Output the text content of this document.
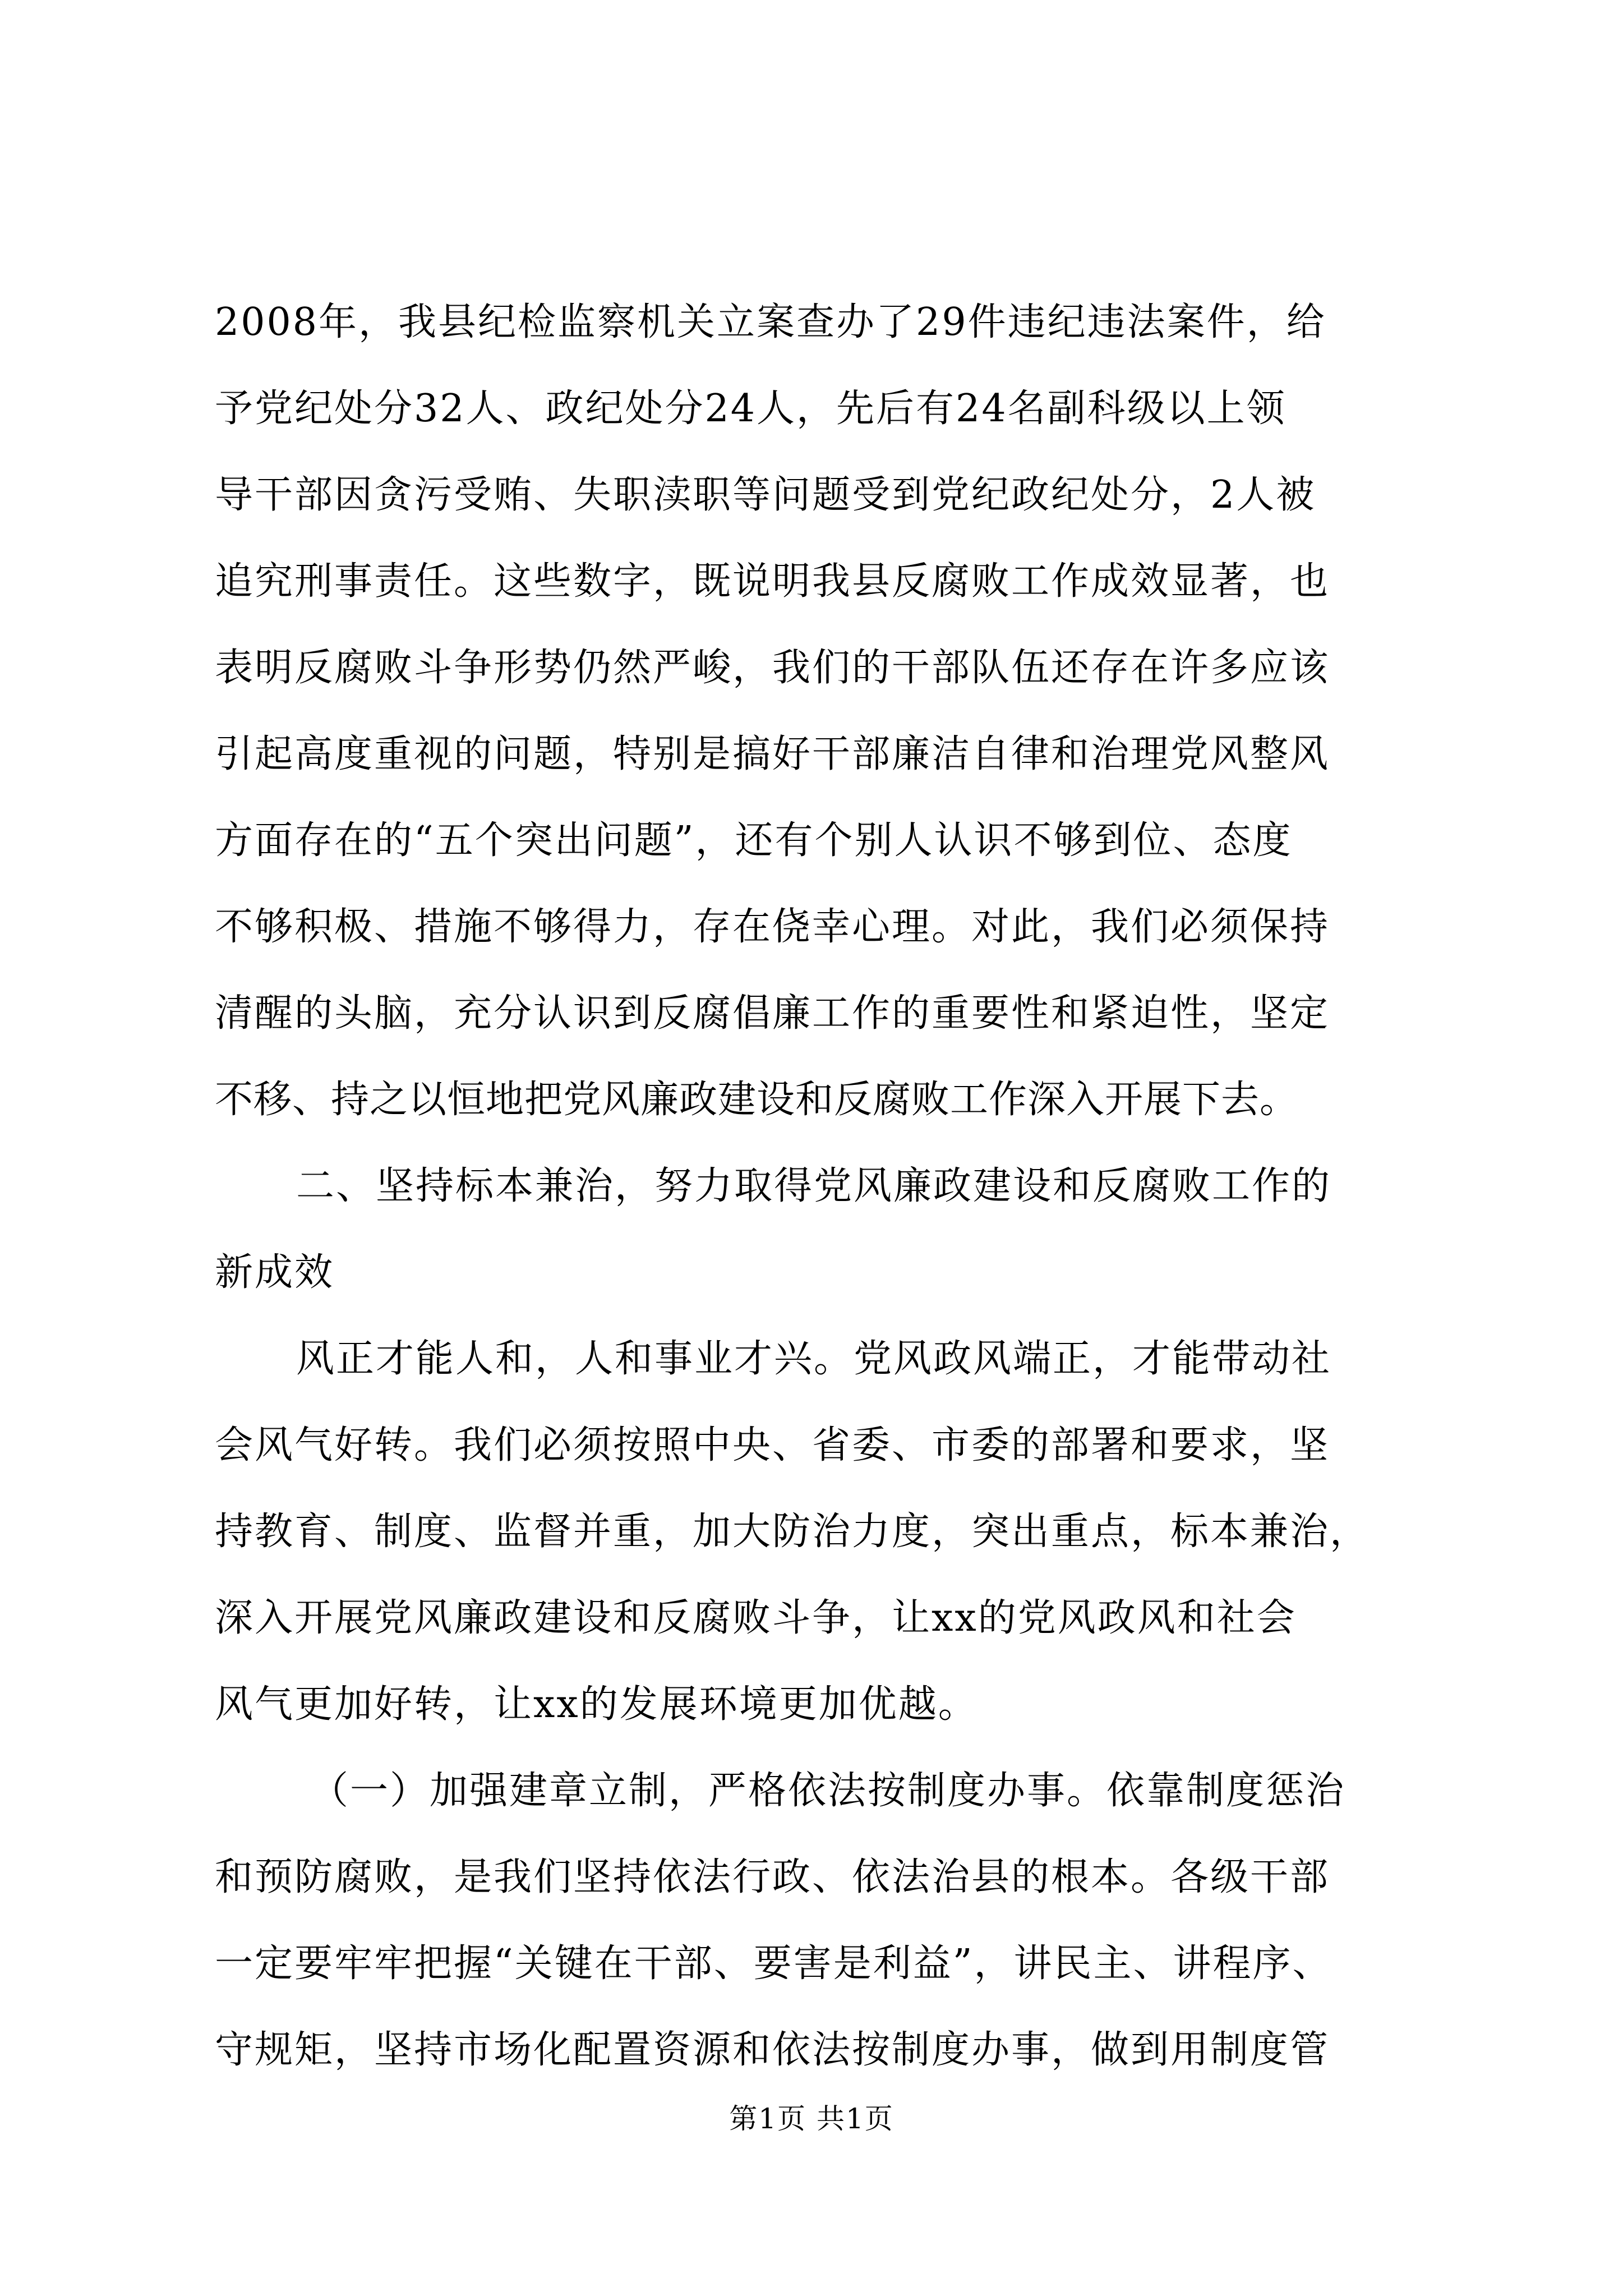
2008年，我县纪检监察机关立案查办了29件违纪违法案件，给
予党纪处分32人、政纪处分24人，先后有24名副科级以上领
导干部因贪污受贿、失职渎职等问题受到党纪政纪处分，2人被
追究刑事责任。这些数字，既说明我县反腐败工作成效显著，也
表明反腐败斗争形势仍然严峻，我们的干部队伍还存在许多应该
引起高度重视的问题，特别是搞好干部廉洁自律和治理党风整风
方面存在的“五个突出问题”，还有个别人认识不够到位、态度
不够积极、措施不够得力，存在侥幸心理。对此，我们必须保持
清醒的头脑，充分认识到反腐倡廉工作的重要性和紧迫性，坚定
不移、持之以恒地把党风廉政建设和反腐败工作深入开展下去。
二、坚持标本兼治，努力取得党风廉政建设和反腐败工作的
新成效
风正才能人和，人和事业才兴。党风政风端正，才能带动社
会风气好转。我们必须按照中央、省委、市委的部署和要求，坚
持教育、制度、监督并重，加大防治力度，突出重点，标本兼治，
深入开展党风廉政建设和反腐败斗争，让xx的党风政风和社会
风气更加好转，让xx的发展环境更加优越。
（一）加强建章立制，严格依法按制度办事。依靠制度惩治
和预防腐败，是我们坚持依法行政、依法治县的根本。各级干部
一定要牢牢把握“关键在干部、要害是利益”，讲民主、讲程序、
守规矩，坚持市场化配置资源和依法按制度办事，做到用制度管
第1页 共1页
